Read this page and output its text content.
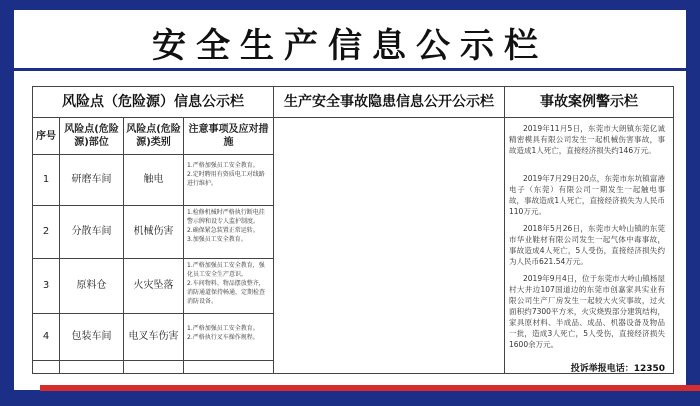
安全生产信息公示栏
风险点（危险源）信息公示栏	生产安全事故隐患信息公开公示栏	事故案例警示栏
序号
风险点(危险源)部位
风险点(危险源)类别
注意事项及应对措施
1	研磨车间	触电
1.严格加强员工安全教育。
2.定时聘用有资质电工对线路进行维护。
2	分散车间	机械伤害
1.检修机械时严格执行断电挂警示牌和设专人监护制度。
2.确保紧急装置正常运转。
3.加强员工安全教育。
3	原料仓	火灾坠落
1.严格加强员工安全教育，强化员工安全生产意识。
2.车间物料、物品摆放整齐，消防通道保持畅通，定期检查消防设备。
4	包装车间	电叉车伤害
1.严格加强员工安全教育。
2.严格执行叉车操作规程。
2019年11月5日，东莞市大朗镇东莞亿诚精密模具有限公司发生一起机械伤害事故，事故造成1人死亡，直接经济损失约146万元。
2019年7月29日20点，东莞市东坑镇富港电子（东莞）有限公司一期发生一起触电事故，事故造成1人死亡，直接经济损失为人民币110万元。
2018年5月26日，东莞市大岭山镇的东莞市华业鞋材有限公司发生一起气体中毒事故，事故造成4人死亡，5人受伤，直接经济损失约为人民币621.54万元。
2019年9月4日，位于东莞市大岭山镇杨屋村大井边107国道边的东莞市创嘉家具实业有限公司生产厂房发生一起较大火灾事故，过火面积约7300平方米，火灾烧毁部分建筑结构，家具原材料、半成品、成品、机器设备及物品一批，造成3人死亡，5人受伤，直接经济损失1600余万元。
投诉举报电话：12350
